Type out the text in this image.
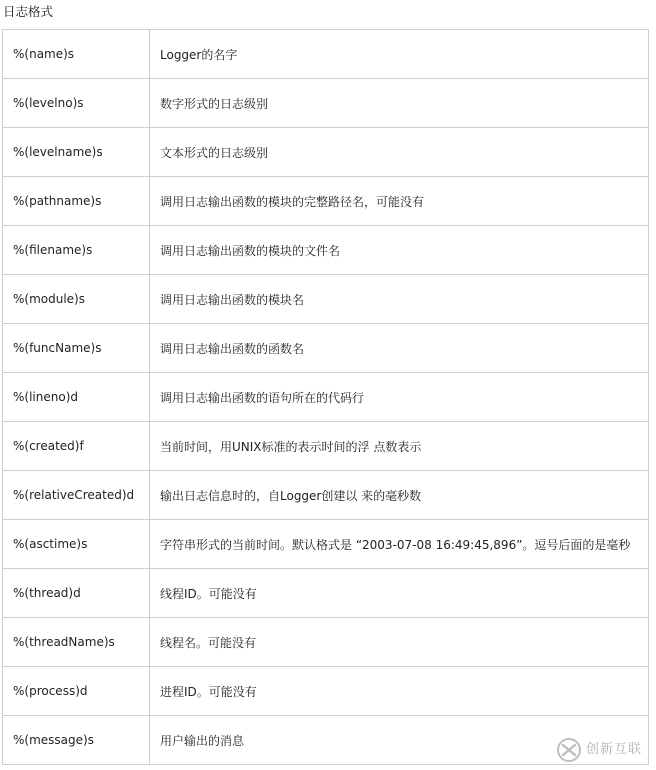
日志格式
%(name)s	Logger的名字
%(levelno)s	数字形式的日志级别
%(levelname)s	文本形式的日志级别
%(pathname)s	调用日志输出函数的模块的完整路径名，可能没有
%(filename)s	调用日志输出函数的模块的文件名
%(module)s	调用日志输出函数的模块名
%(funcName)s	调用日志输出函数的函数名
%(lineno)d	调用日志输出函数的语句所在的代码行
%(created)f	当前时间，用UNIX标准的表示时间的浮 点数表示
%(relativeCreated)d	输出日志信息时的，自Logger创建以 来的毫秒数
%(asctime)s	字符串形式的当前时间。默认格式是 “2003-07-08 16:49:45,896”。逗号后面的是毫秒
%(thread)d	线程ID。可能没有
%(threadName)s	线程名。可能没有
%(process)d	进程ID。可能没有
%(message)s	用户输出的消息
创新互联
